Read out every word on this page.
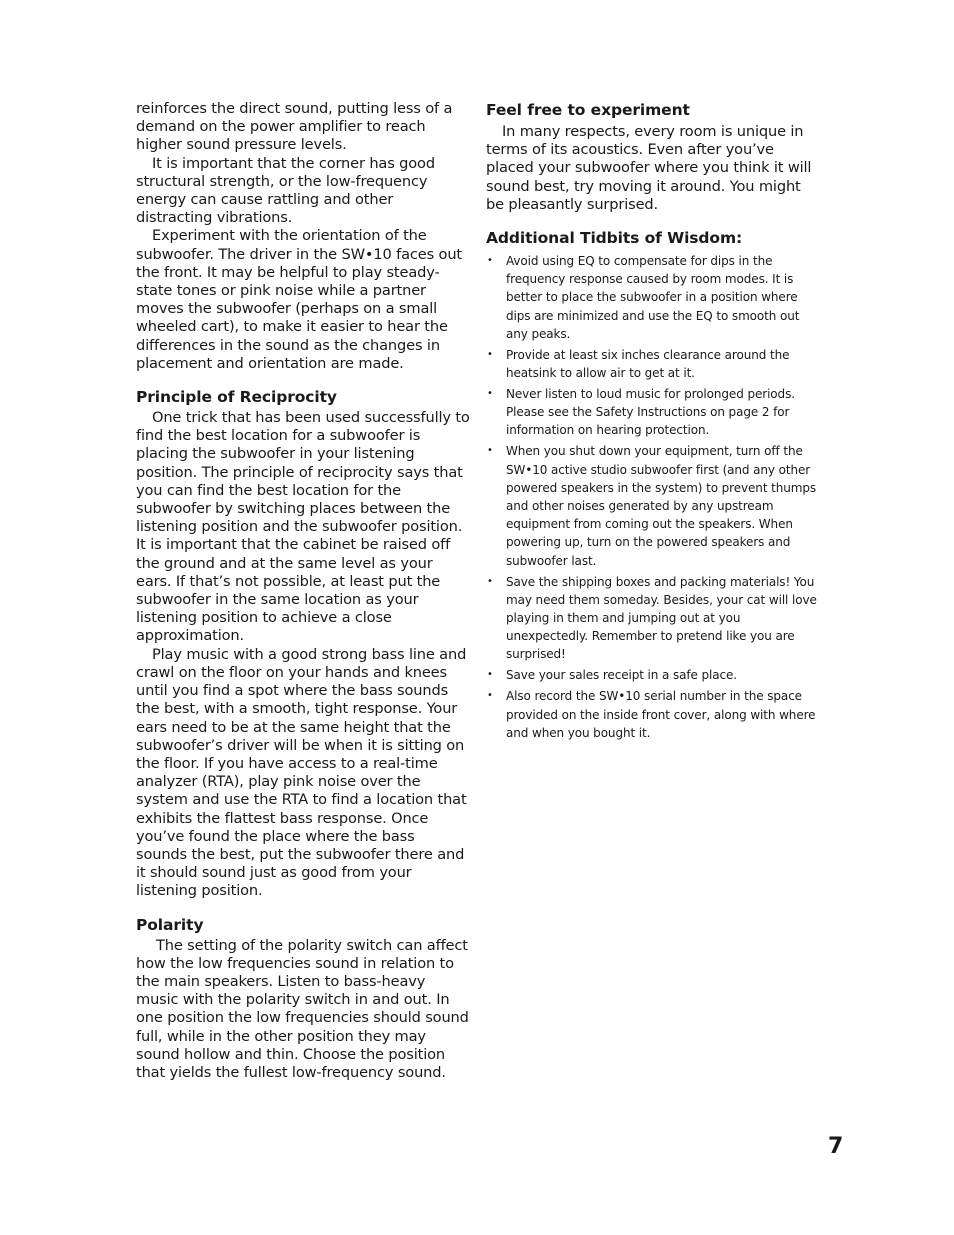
reinforces the direct sound, putting less of a demand on the power amplifier to reach higher sound pressure levels.

It is important that the corner has good structural strength, or the low-frequency energy can cause rattling and other distracting vibrations.

Experiment with the orientation of the subwoofer. The driver in the SW•10 faces out the front. It may be helpful to play steady-state tones or pink noise while a partner moves the subwoofer (perhaps on a small wheeled cart), to make it easier to hear the differences in the sound as the changes in placement and orientation are made.

Principle of Reciprocity

One trick that has been used successfully to find the best location for a subwoofer is placing the subwoofer in your listening position. The principle of reciprocity says that you can find the best location for the subwoofer by switching places between the listening position and the subwoofer position. It is important that the cabinet be raised off the ground and at the same level as your ears. If that’s not possible, at least put the subwoofer in the same location as your listening position to achieve a close approximation.

Play music with a good strong bass line and crawl on the floor on your hands and knees until you find a spot where the bass sounds the best, with a smooth, tight response. Your ears need to be at the same height that the subwoofer’s driver will be when it is sitting on the floor. If you have access to a real-time analyzer (RTA), play pink noise over the system and use the RTA to find a location that exhibits the flattest bass response. Once you’ve found the place where the bass sounds the best, put the subwoofer there and it should sound just as good from your listening position.

Polarity

The setting of the polarity switch can affect how the low frequencies sound in relation to the main speakers. Listen to bass-heavy music with the polarity switch in and out. In one position the low frequencies should sound full, while in the other position they may sound hollow and thin. Choose the position that yields the fullest low-frequency sound.

Feel free to experiment

In many respects, every room is unique in terms of its acoustics. Even after you’ve placed your subwoofer where you think it will sound best, try moving it around. You might be pleasantly surprised.

Additional Tidbits of Wisdom:
• Avoid using EQ to compensate for dips in the frequency response caused by room modes. It is better to place the subwoofer in a position where dips are minimized and use the EQ to smooth out any peaks.
• Provide at least six inches clearance around the heatsink to allow air to get at it.
• Never listen to loud music for prolonged periods. Please see the Safety Instructions on page 2 for information on hearing protection.
• When you shut down your equipment, turn off the SW•10 active studio subwoofer first (and any other powered speakers in the system) to prevent thumps and other noises generated by any upstream equipment from coming out the speakers. When powering up, turn on the powered speakers and subwoofer last.
• Save the shipping boxes and packing materials! You may need them someday. Besides, your cat will love playing in them and jumping out at you unexpectedly. Remember to pretend like you are surprised!
• Save your sales receipt in a safe place.
• Also record the SW•10 serial number in the space provided on the inside front cover, along with where and when you bought it.
7
